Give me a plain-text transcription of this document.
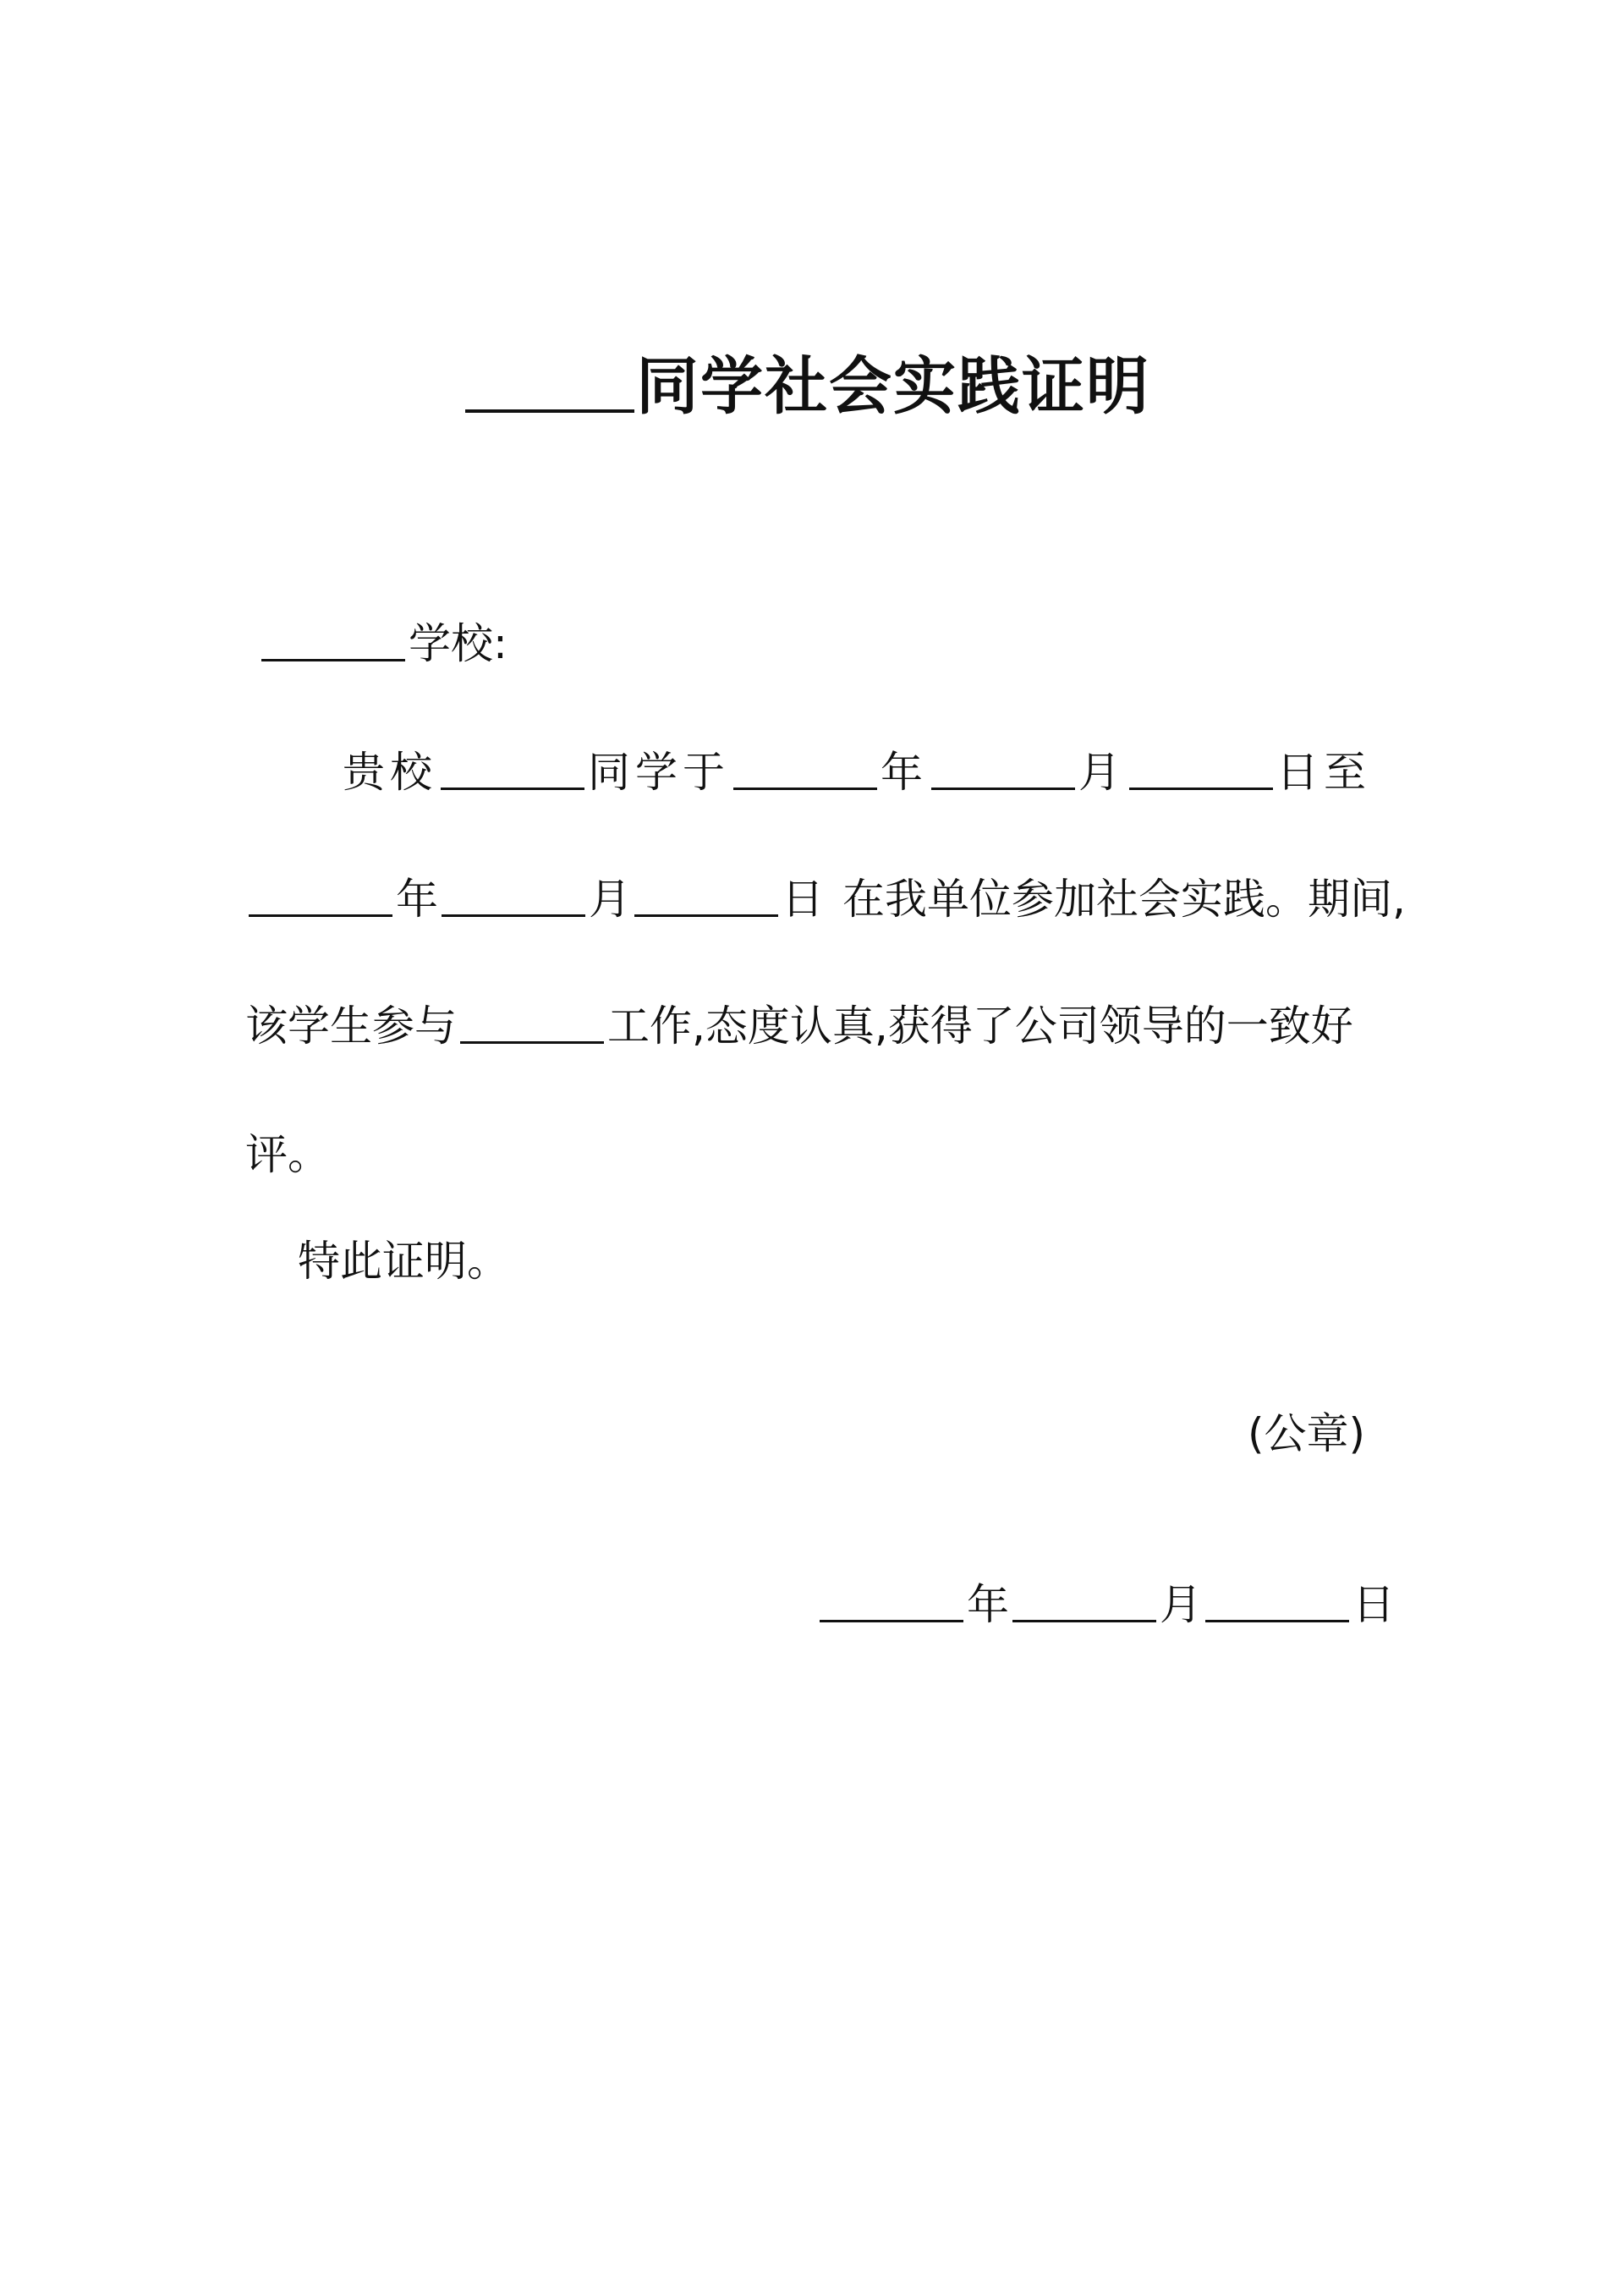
同学社会实践证明
学校:
贵校	同学于	年	月	日至
年	月	日 在我单位参加社会实践。期间,
该学生参与	工作,态度认真,获得了公司领导的一致好
评。
特此证明。
(公章)
年	月	日
